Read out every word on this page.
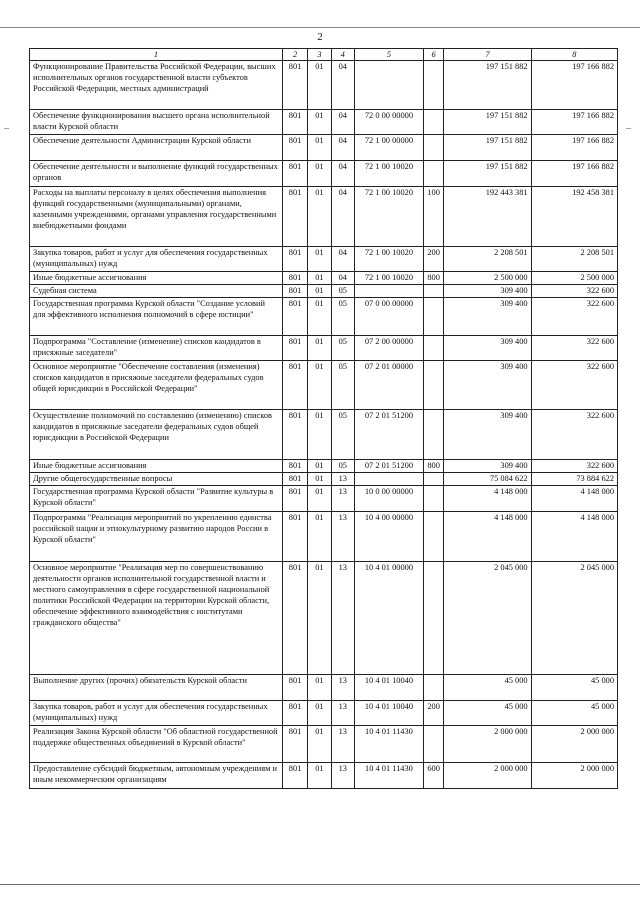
2
–	–
1	2	3	4	5	6	7	8
Функционирование Правительства Российской Федерации, высших исполнительных органов государственной власти субъектов Российской Федерации, местных администраций	801	01	04			197 151 882	197 166 882
Обеспечение функционирования высшего органа исполнительной власти Курской области	801	01	04	72 0 00 00000		197 151 882	197 166 882
Обеспечение деятельности Администрации Курской области	801	01	04	72 1 00 00000		197 151 882	197 166 882
Обеспечение деятельности и выполнение функций государственных органов	801	01	04	72 1 00 10020		197 151 882	197 166 882
Расходы на выплаты персоналу в целях обеспечения выполнения функций государственными (муниципальными) органами, казенными учреждениями, органами управления государственными внебюджетными фондами	801	01	04	72 1 00 10020	100	192 443 381	192 458 381
Закупка товаров, работ и услуг для обеспечения государственных (муниципальных) нужд	801	01	04	72 1 00 10020	200	2 208 501	2 208 501
Иные бюджетные ассигнования	801	01	04	72 1 00 10020	800	2 500 000	2 500 000
Судебная система	801	01	05			309 400	322 600
Государственная программа Курской области "Создание условий для эффективного исполнения полномочий в сфере юстиции"	801	01	05	07 0 00 00000		309 400	322 600
Подпрограмма "Составление (изменение) списков кандидатов в присяжные заседатели"	801	01	05	07 2 00 00000		309 400	322 600
Основное мероприятие "Обеспечение составления (изменения) списков кандидатов в присяжные заседатели федеральных судов общей юрисдикции в Российской Федерации"	801	01	05	07 2 01 00000		309 400	322 600
Осуществление полномочий по составлению (изменению) списков кандидатов в присяжные заседатели федеральных судов общей юрисдикции в Российской Федерации	801	01	05	07 2 01 51200		309 400	322 600
Иные бюджетные ассигнования	801	01	05	07 2 01 51200	800	309 400	322 600
Другие общегосударственные вопросы	801	01	13			75 084 622	73 884 622
Государственная программа Курской области "Развитие культуры в Курской области"	801	01	13	10 0 00 00000		4 148 000	4 148 000
Подпрограмма "Реализация мероприятий по укреплению единства российской нации и этнокультурному развитию народов России в Курской области"	801	01	13	10 4 00 00000		4 148 000	4 148 000
Основное мероприятие "Реализация мер по совершенствованию деятельности органов исполнительной государственной власти и местного самоуправления в сфере государственной национальной политики Российской Федерации на территории Курской области, обеспечение эффективного взаимодействия с институтами гражданского общества"	801	01	13	10 4 01 00000		2 045 000	2 045 000
Выполнение других (прочих) обязательств Курской области	801	01	13	10 4 01 10040		45 000	45 000
Закупка товаров, работ и услуг для обеспечения государственных (муниципальных) нужд	801	01	13	10 4 01 10040	200	45 000	45 000
Реализация Закона Курской области "Об областной государственной поддержке общественных объединений в Курской области"	801	01	13	10 4 01 11430		2 000 000	2 000 000
Предоставление субсидий бюджетным, автономным учреждениям и иным некоммерческим организациям	801	01	13	10 4 01 11430	600	2 000 000	2 000 000
